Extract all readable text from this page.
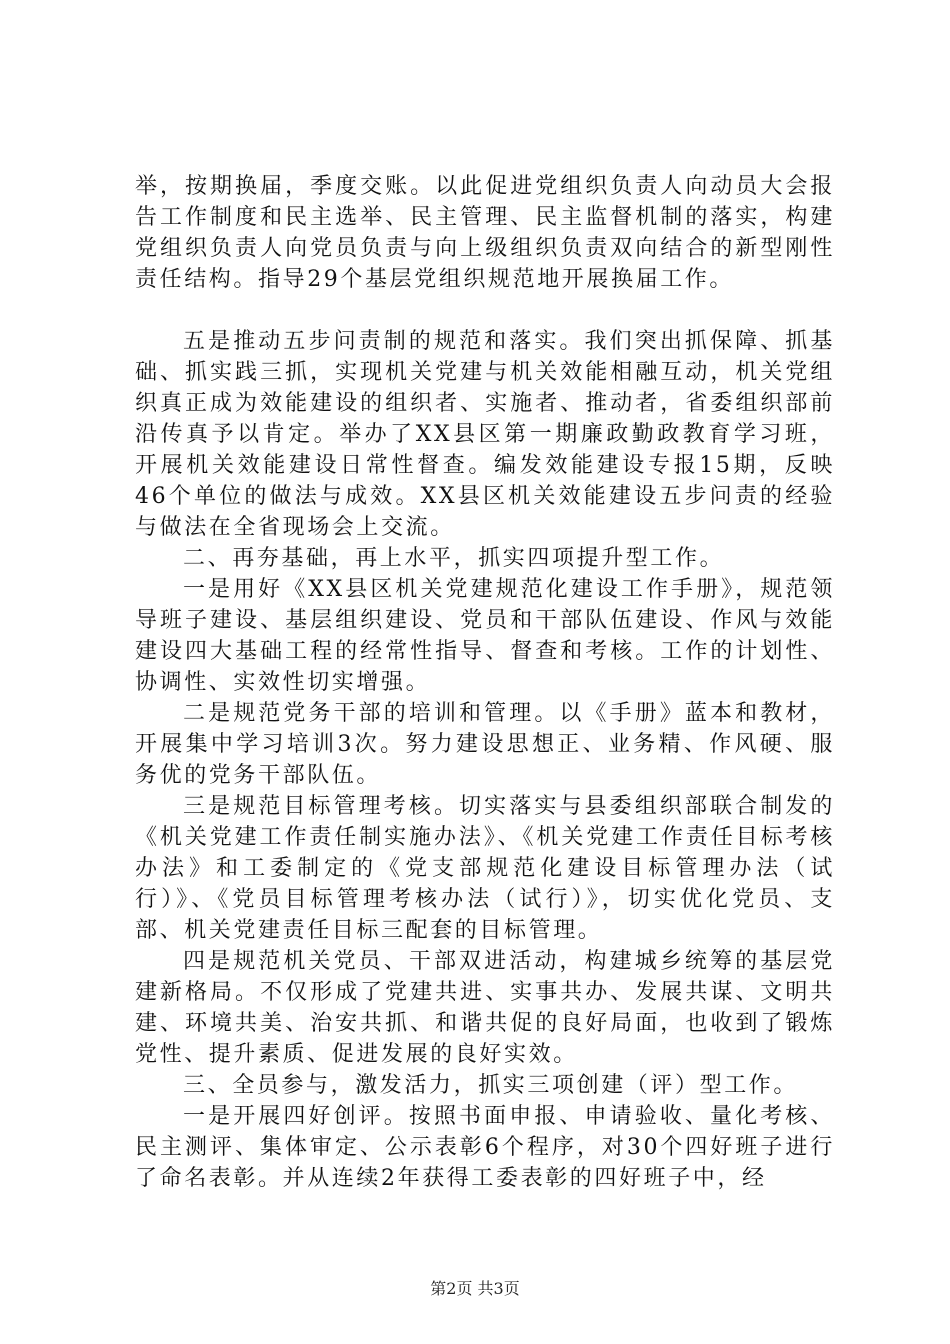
举，按期换届，季度交账。以此促进党组织负责人向动员大会报告工作制度和民主选举、民主管理、民主监督机制的落实，构建党组织负责人向党员负责与向上级组织负责双向结合的新型刚性责任结构。指导29个基层党组织规范地开展换届工作。

五是推动五步问责制的规范和落实。我们突出抓保障、抓基础、抓实践三抓，实现机关党建与机关效能相融互动，机关党组织真正成为效能建设的组织者、实施者、推动者，省委组织部前沿传真予以肯定。举办了XX县区第一期廉政勤政教育学习班，开展机关效能建设日常性督查。编发效能建设专报15期，反映46个单位的做法与成效。XX县区机关效能建设五步问责的经验与做法在全省现场会上交流。

二、再夯基础，再上水平，抓实四项提升型工作。

一是用好《XX县区机关党建规范化建设工作手册》，规范领导班子建设、基层组织建设、党员和干部队伍建设、作风与效能建设四大基础工程的经常性指导、督查和考核。工作的计划性、协调性、实效性切实增强。

二是规范党务干部的培训和管理。以《手册》蓝本和教材，开展集中学习培训3次。努力建设思想正、业务精、作风硬、服务优的党务干部队伍。

三是规范目标管理考核。切实落实与县委组织部联合制发的《机关党建工作责任制实施办法》、《机关党建工作责任目标考核办法》和工委制定的《党支部规范化建设目标管理办法（试行）》、《党员目标管理考核办法（试行）》，切实优化党员、支部、机关党建责任目标三配套的目标管理。

四是规范机关党员、干部双进活动，构建城乡统筹的基层党建新格局。不仅形成了党建共进、实事共办、发展共谋、文明共建、环境共美、治安共抓、和谐共促的良好局面，也收到了锻炼党性、提升素质、促进发展的良好实效。

三、全员参与，激发活力，抓实三项创建（评）型工作。

一是开展四好创评。按照书面申报、申请验收、量化考核、民主测评、集体审定、公示表彰6个程序，对30个四好班子进行了命名表彰。并从连续2年获得工委表彰的四好班子中，经

第2页 共3页
